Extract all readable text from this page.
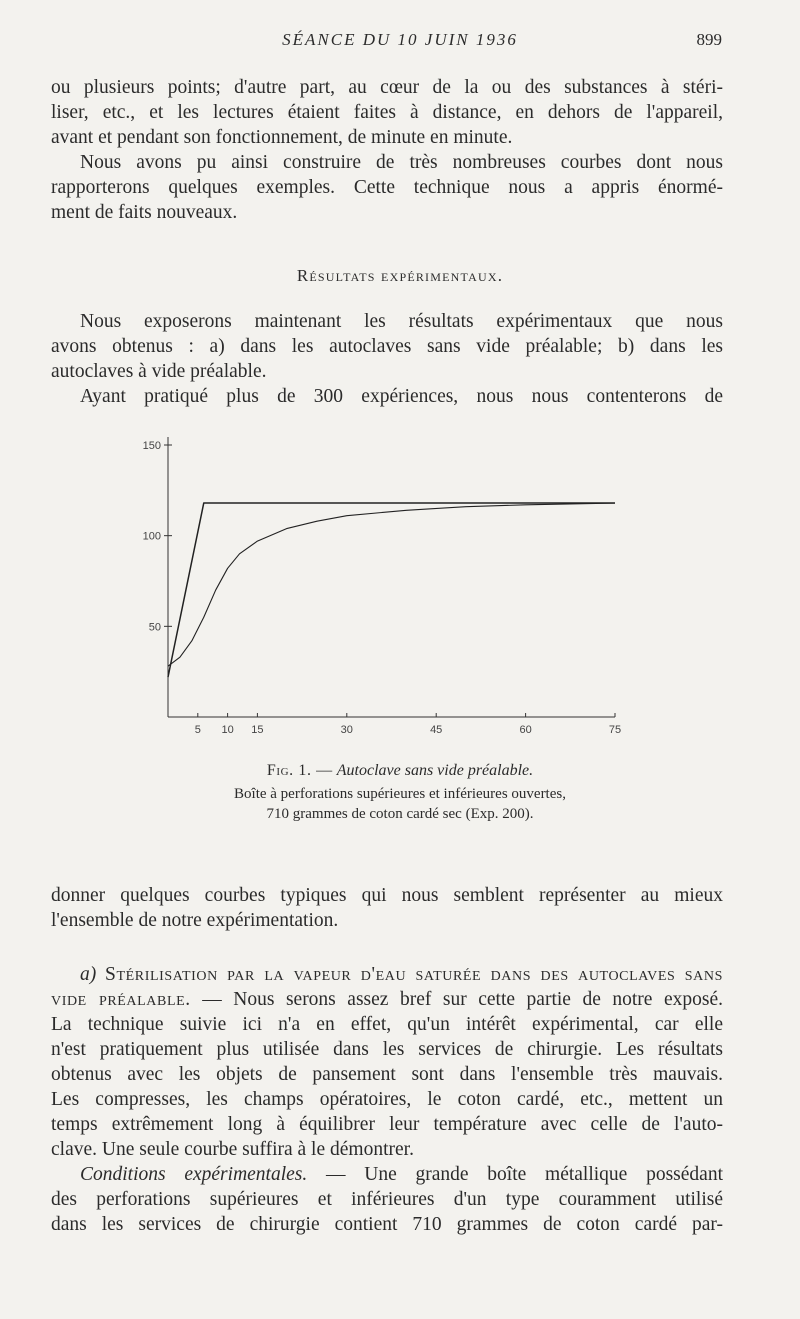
SÉANCE DU 10 JUIN 1936	899
ou plusieurs points; d'autre part, au cœur de la ou des substances à stéri-
liser, etc., et les lectures étaient faites à distance, en dehors de l'appareil,
avant et pendant son fonctionnement, de minute en minute.
Nous avons pu ainsi construire de très nombreuses courbes dont nous
rapporterons quelques exemples. Cette technique nous a appris énormé-
ment de faits nouveaux.
Résultats expérimentaux.
Nous exposerons maintenant les résultats expérimentaux que nous
avons obtenus : a) dans les autoclaves sans vide préalable; b) dans les
autoclaves à vide préalable.
Ayant pratiqué plus de 300 expériences, nous nous contenterons de
50
100
150
5 10 15	30	45	60	75
Fig. 1. — Autoclave sans vide préalable.
Boîte à perforations supérieures et inférieures ouvertes,
710 grammes de coton cardé sec (Exp. 200).
donner quelques courbes typiques qui nous semblent représenter au mieux
l'ensemble de notre expérimentation.
a) Stérilisation par la vapeur d'eau saturée dans des autoclaves sans
vide préalable. — Nous serons assez bref sur cette partie de notre exposé.
La technique suivie ici n'a en effet, qu'un intérêt expérimental, car elle
n'est pratiquement plus utilisée dans les services de chirurgie. Les résultats
obtenus avec les objets de pansement sont dans l'ensemble très mauvais.
Les compresses, les champs opératoires, le coton cardé, etc., mettent un
temps extrêmement long à équilibrer leur température avec celle de l'auto-
clave. Une seule courbe suffira à le démontrer.
Conditions expérimentales. — Une grande boîte métallique possédant
des perforations supérieures et inférieures d'un type couramment utilisé
dans les services de chirurgie contient 710 grammes de coton cardé par-
